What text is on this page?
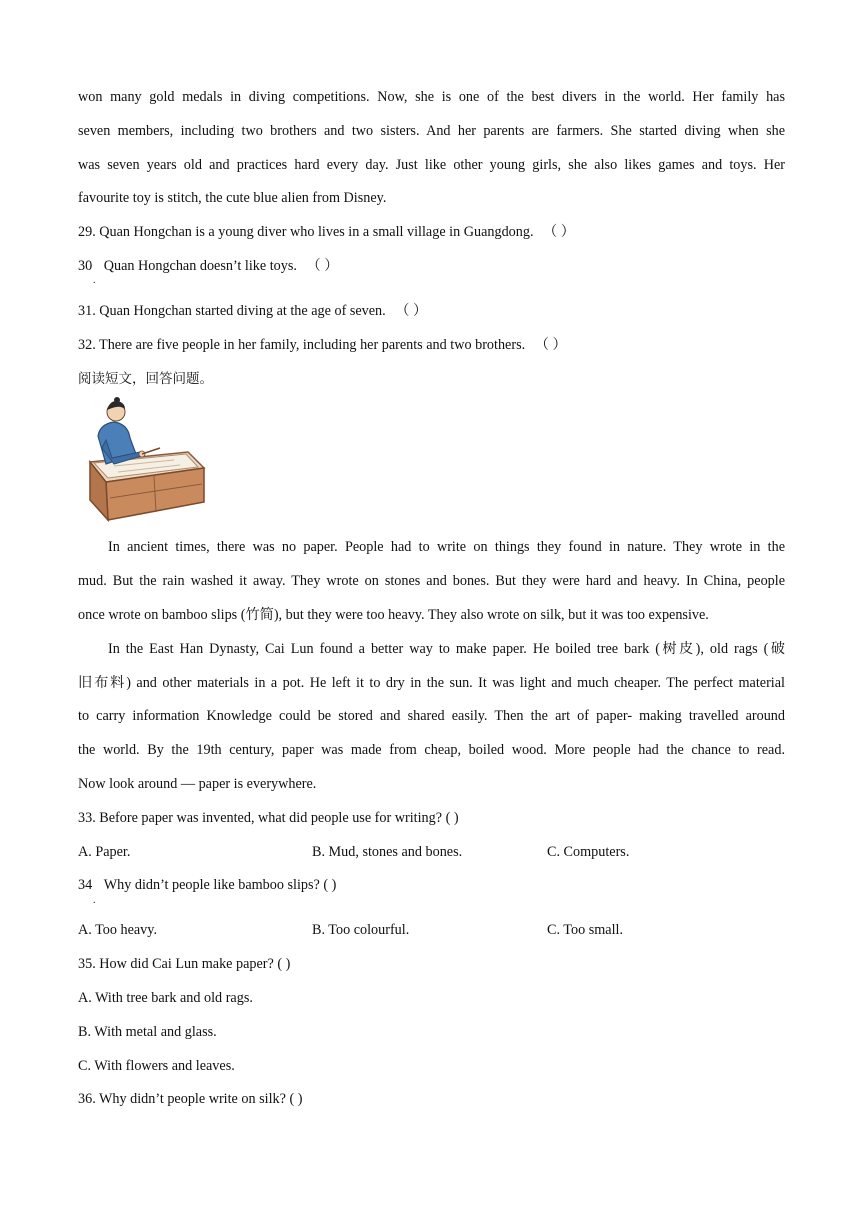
won many gold medals in diving competitions. Now, she is one of the best divers in the world. Her family has
seven members, including two brothers and two sisters. And her parents are farmers. She started diving when she
was seven years old and practices hard every day. Just like other young girls, she also likes games and toys. Her
favourite toy is stitch, the cute blue alien from Disney.
29. Quan Hongchan is a young diver who lives in a small village in Guangdong. （ ）
30 Quan Hongchan doesn’t like toys. （ ）
.
31. Quan Hongchan started diving at the age of seven. （ ）
32. There are five people in her family, including her parents and two brothers. （ ）
阅读短文，回答问题。
In ancient times, there was no paper. People had to write on things they found in nature. They wrote in the
mud. But the rain washed it away. They wrote on stones and bones. But they were hard and heavy. In China, people
once wrote on bamboo slips (竹简), but they were too heavy. They also wrote on silk, but it was too expensive.
In the East Han Dynasty, Cai Lun found a better way to make paper. He boiled tree bark (树皮), old rags (破
旧布料) and other materials in a pot. He left it to dry in the sun. It was light and much cheaper. The perfect material
to carry information Knowledge could be stored and shared easily. Then the art of paper- making travelled around
the world. By the 19th century, paper was made from cheap, boiled wood. More people had the chance to read.
Now look around — paper is everywhere.
33. Before paper was invented, what did people use for writing? ( )
A. Paper.	B. Mud, stones and bones.	C. Computers.
34 Why didn’t people like bamboo slips? ( )
.
A. Too heavy.	B. Too colourful.	C. Too small.
35. How did Cai Lun make paper? ( )
A. With tree bark and old rags.
B. With metal and glass.
C. With flowers and leaves.
36. Why didn’t people write on silk? ( )
